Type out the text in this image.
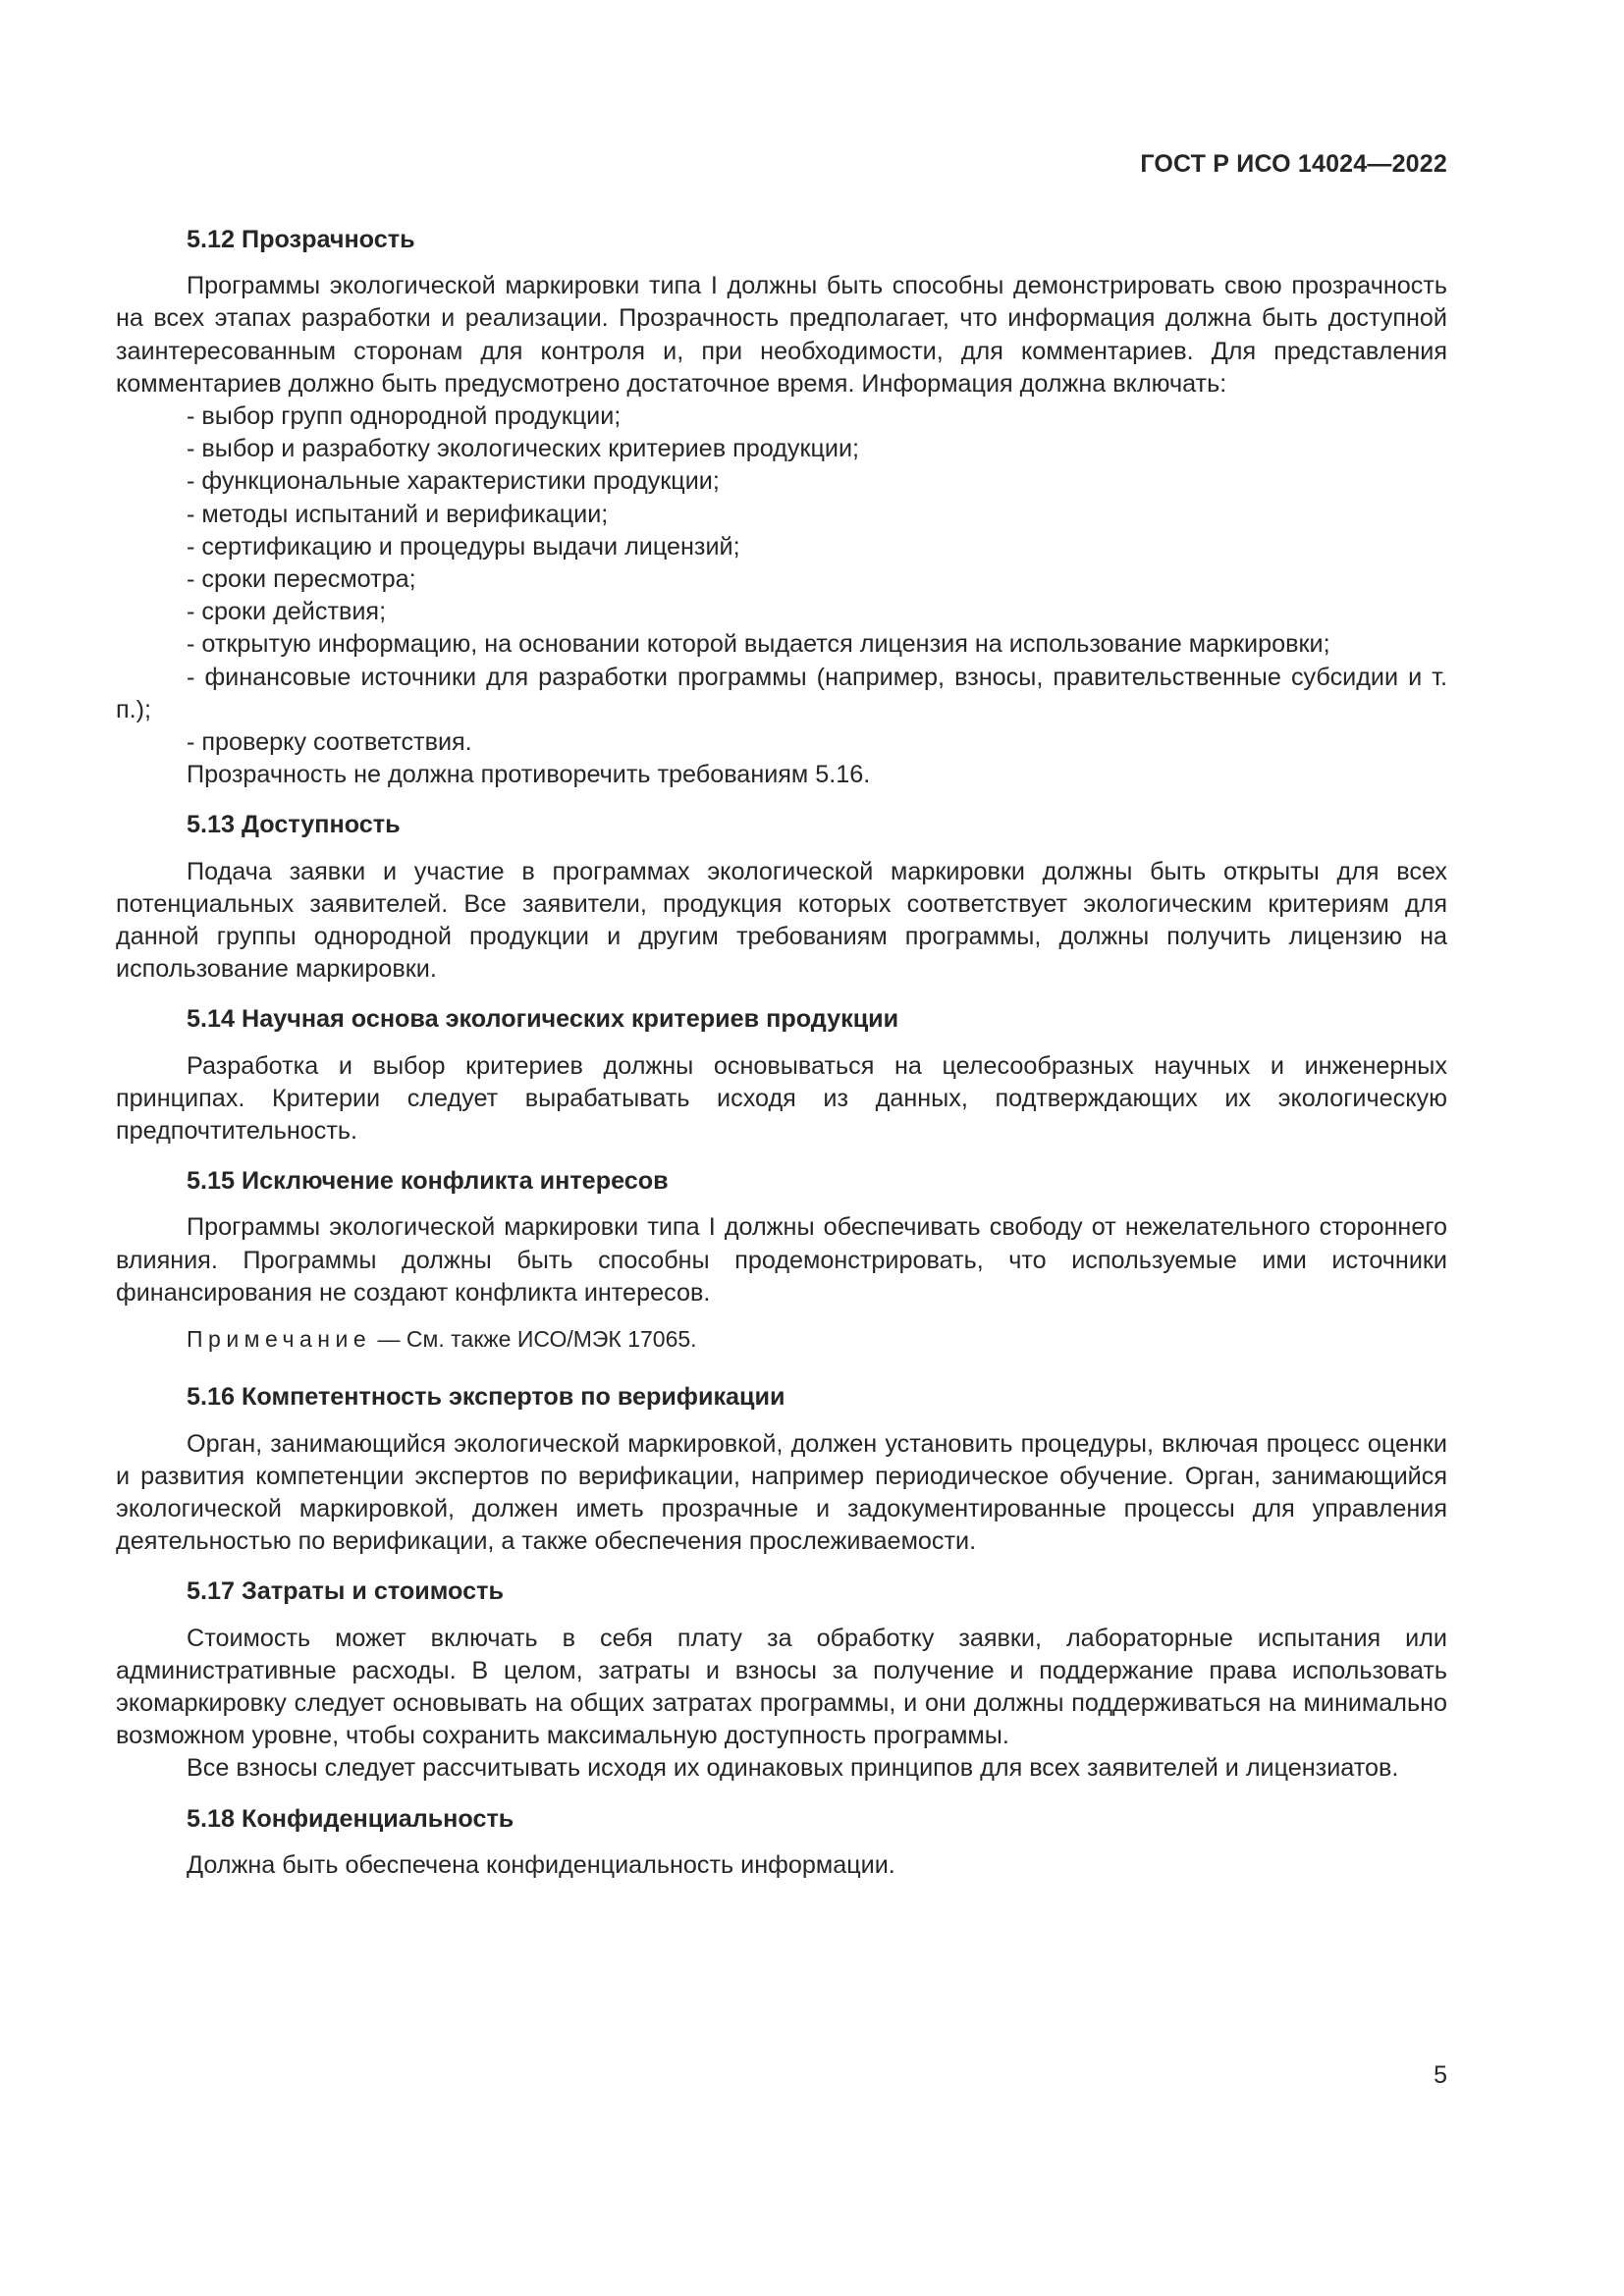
ГОСТ Р ИСО 14024—2022

5.12 Прозрачность

Программы экологической маркировки типа I должны быть способны демонстрировать свою прозрачность на всех этапах разработки и реализации. Прозрачность предполагает, что информация должна быть доступной заинтересованным сторонам для контроля и, при необходимости, для комментариев. Для представления комментариев должно быть предусмотрено достаточное время. Информация должна включать:

- выбор групп однородной продукции;
- выбор и разработку экологических критериев продукции;
- функциональные характеристики продукции;
- методы испытаний и верификации;
- сертификацию и процедуры выдачи лицензий;
- сроки пересмотра;
- сроки действия;
- открытую информацию, на основании которой выдается лицензия на использование маркировки;
- финансовые источники для разработки программы (например, взносы, правительственные субсидии и т. п.);
- проверку соответствия.

Прозрачность не должна противоречить требованиям 5.16.

5.13 Доступность

Подача заявки и участие в программах экологической маркировки должны быть открыты для всех потенциальных заявителей. Все заявители, продукция которых соответствует экологическим критериям для данной группы однородной продукции и другим требованиям программы, должны получить лицензию на использование маркировки.

5.14 Научная основа экологических критериев продукции

Разработка и выбор критериев должны основываться на целесообразных научных и инженерных принципах. Критерии следует вырабатывать исходя из данных, подтверждающих их экологическую предпочтительность.

5.15 Исключение конфликта интересов

Программы экологической маркировки типа I должны обеспечивать свободу от нежелательного стороннего влияния. Программы должны быть способны продемонстрировать, что используемые ими источники финансирования не создают конфликта интересов.

Примечание — См. также ИСО/МЭК 17065.

5.16 Компетентность экспертов по верификации

Орган, занимающийся экологической маркировкой, должен установить процедуры, включая процесс оценки и развития компетенции экспертов по верификации, например периодическое обучение. Орган, занимающийся экологической маркировкой, должен иметь прозрачные и задокументированные процессы для управления деятельностью по верификации, а также обеспечения прослеживаемости.

5.17 Затраты и стоимость

Стоимость может включать в себя плату за обработку заявки, лабораторные испытания или административные расходы. В целом, затраты и взносы за получение и поддержание права использовать экомаркировку следует основывать на общих затратах программы, и они должны поддерживаться на минимально возможном уровне, чтобы сохранить максимальную доступность программы.

Все взносы следует рассчитывать исходя их одинаковых принципов для всех заявителей и лицензиатов.

5.18 Конфиденциальность

Должна быть обеспечена конфиденциальность информации.

5
